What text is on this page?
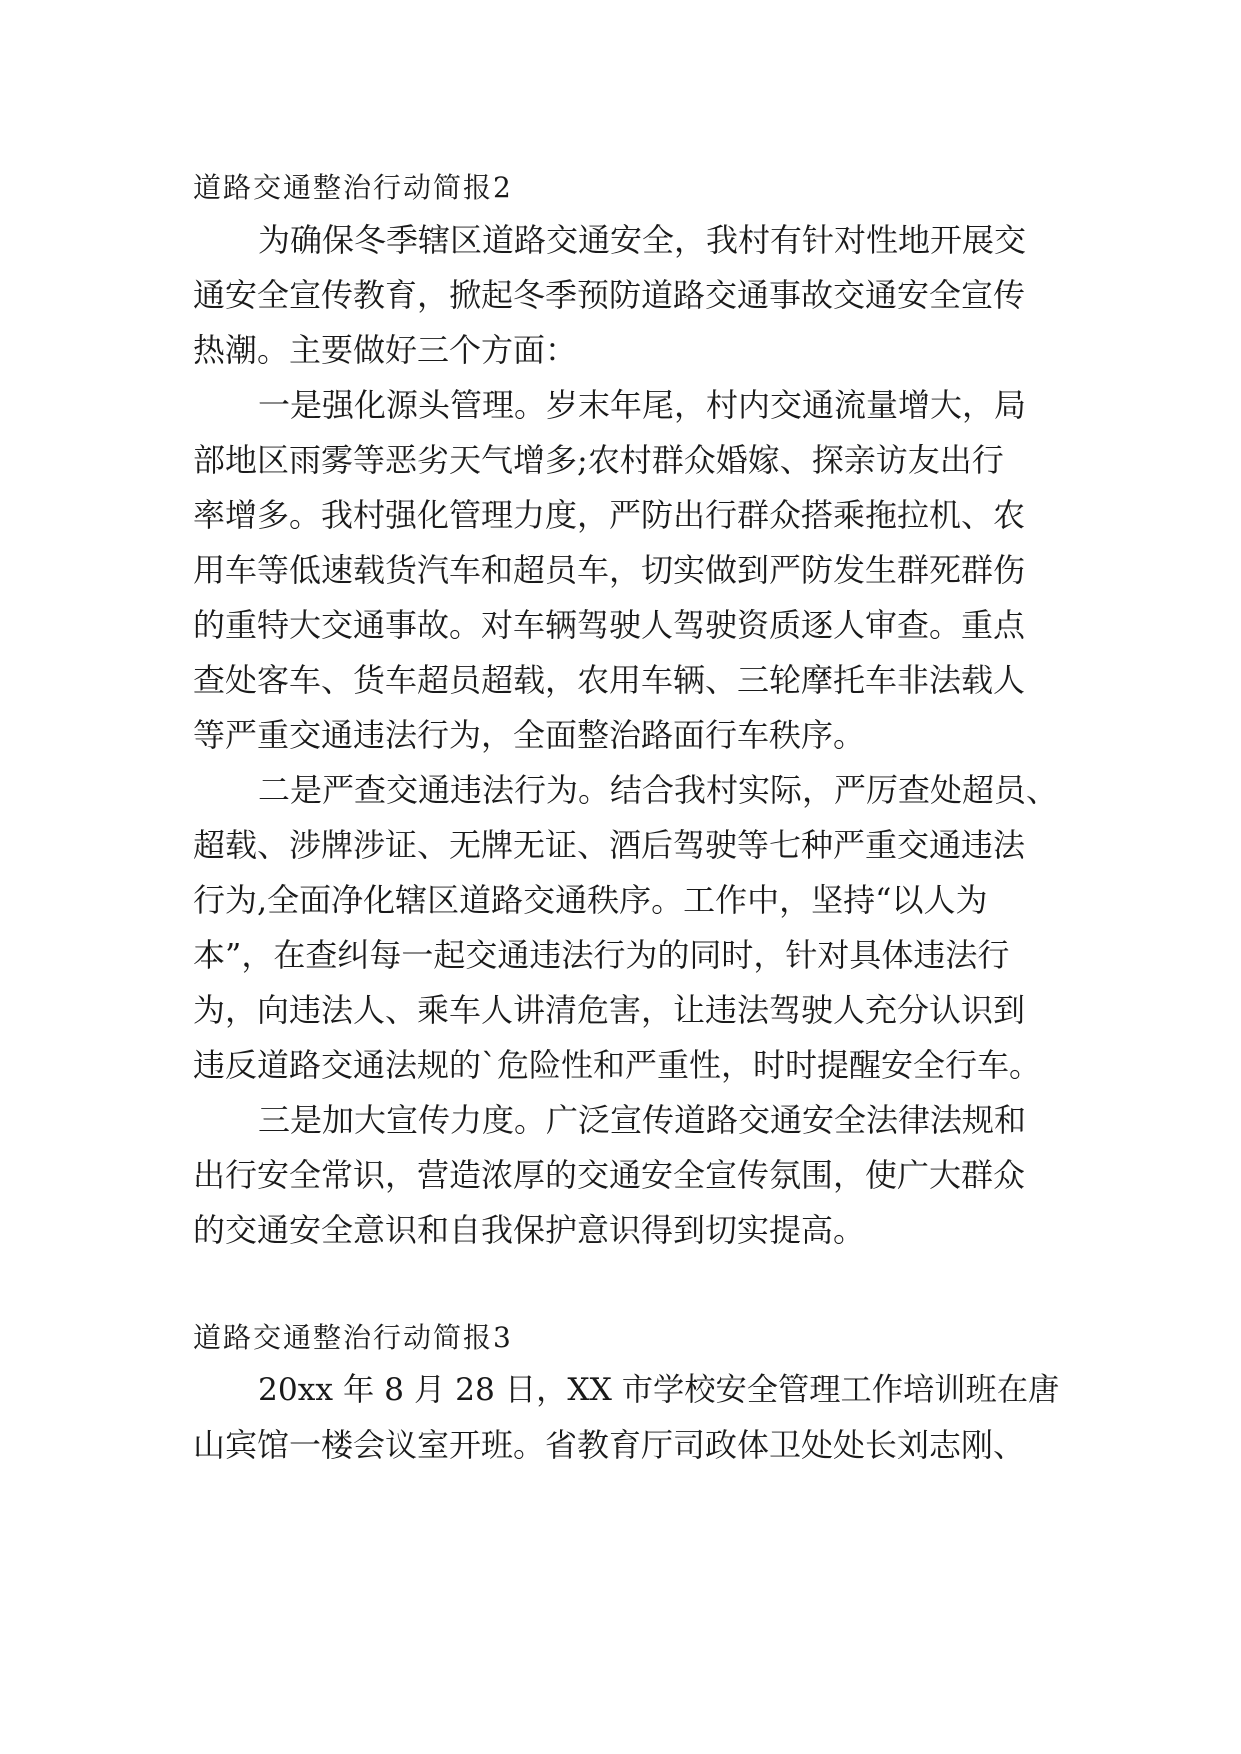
道路交通整治行动简报2
为确保冬季辖区道路交通安全，我村有针对性地开展交
通安全宣传教育，掀起冬季预防道路交通事故交通安全宣传
热潮。主要做好三个方面：
一是强化源头管理。岁末年尾，村内交通流量增大，局
部地区雨雾等恶劣天气增多;农村群众婚嫁、探亲访友出行
率增多。我村强化管理力度，严防出行群众搭乘拖拉机、农
用车等低速载货汽车和超员车，切实做到严防发生群死群伤
的重特大交通事故。对车辆驾驶人驾驶资质逐人审查。重点
查处客车、货车超员超载，农用车辆、三轮摩托车非法载人
等严重交通违法行为，全面整治路面行车秩序。
二是严查交通违法行为。结合我村实际，严厉查处超员、
超载、涉牌涉证、无牌无证、酒后驾驶等七种严重交通违法
行为,全面净化辖区道路交通秩序。工作中，坚持“以人为
本”，在查纠每一起交通违法行为的同时，针对具体违法行
为，向违法人、乘车人讲清危害，让违法驾驶人充分认识到
违反道路交通法规的`危险性和严重性，时时提醒安全行车。
三是加大宣传力度。广泛宣传道路交通安全法律法规和
出行安全常识，营造浓厚的交通安全宣传氛围，使广大群众
的交通安全意识和自我保护意识得到切实提高。
道路交通整治行动简报3
20xx 年 8 月 28 日，XX 市学校安全管理工作培训班在唐
山宾馆一楼会议室开班。省教育厅司政体卫处处长刘志刚、
